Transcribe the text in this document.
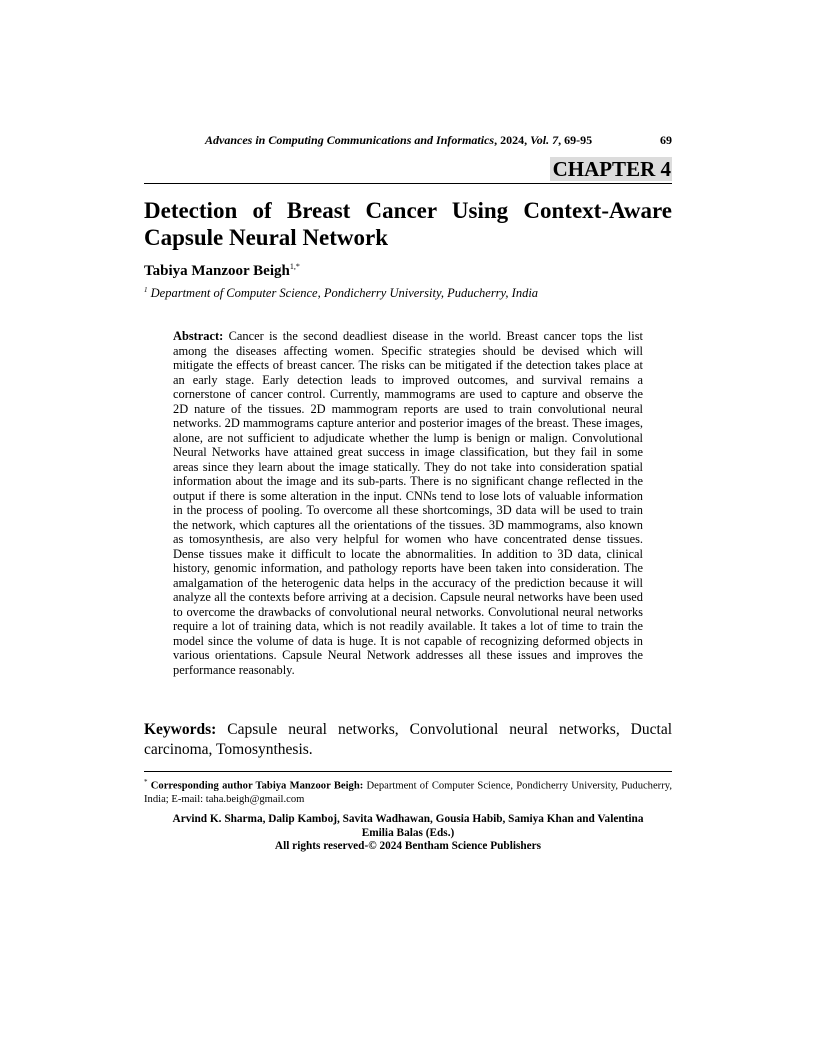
Advances in Computing Communications and Informatics, 2024, Vol. 7, 69-95	69
CHAPTER 4
Detection of Breast Cancer Using Context-Aware Capsule Neural Network
Tabiya Manzoor Beigh$^{1,*}$
$^1$ Department of Computer Science, Pondicherry University, Puducherry, India

Abstract: Cancer is the second deadliest disease in the world. Breast cancer tops the list among the diseases affecting women. Specific strategies should be devised which will mitigate the effects of breast cancer. The risks can be mitigated if the detection takes place at an early stage. Early detection leads to improved outcomes, and survival remains a cornerstone of cancer control. Currently, mammograms are used to capture and observe the 2D nature of the tissues. 2D mammogram reports are used to train convolutional neural networks. 2D mammograms capture anterior and posterior images of the breast. These images, alone, are not sufficient to adjudicate whether the lump is benign or malign. Convolutional Neural Networks have attained great success in image classification, but they fail in some areas since they learn about the image statically. They do not take into consideration spatial information about the image and its sub-parts. There is no significant change reflected in the output if there is some alteration in the input. CNNs tend to lose lots of valuable information in the process of pooling. To overcome all these shortcomings, 3D data will be used to train the network, which captures all the orientations of the tissues. 3D mammograms, also known as tomosynthesis, are also very helpful for women who have concentrated dense tissues. Dense tissues make it difficult to locate the abnormalities. In addition to 3D data, clinical history, genomic information, and pathology reports have been taken into consideration. The amalgamation of the heterogenic data helps in the accuracy of the prediction because it will analyze all the contexts before arriving at a decision. Capsule neural networks have been used to overcome the drawbacks of convolutional neural networks. Convolutional neural networks require a lot of training data, which is not readily available. It takes a lot of time to train the model since the volume of data is huge. It is not capable of recognizing deformed objects in various orientations. Capsule Neural Network addresses all these issues and improves the performance reasonably.

Keywords: Capsule neural networks, Convolutional neural networks, Ductal carcinoma, Tomosynthesis.

* Corresponding author Tabiya Manzoor Beigh: Department of Computer Science, Pondicherry University, Puducherry, India; E-mail: taha.beigh@gmail.com

Arvind K. Sharma, Dalip Kamboj, Savita Wadhawan, Gousia Habib, Samiya Khan and Valentina
Emilia Balas (Eds.)
All rights reserved-© 2024 Bentham Science Publishers
